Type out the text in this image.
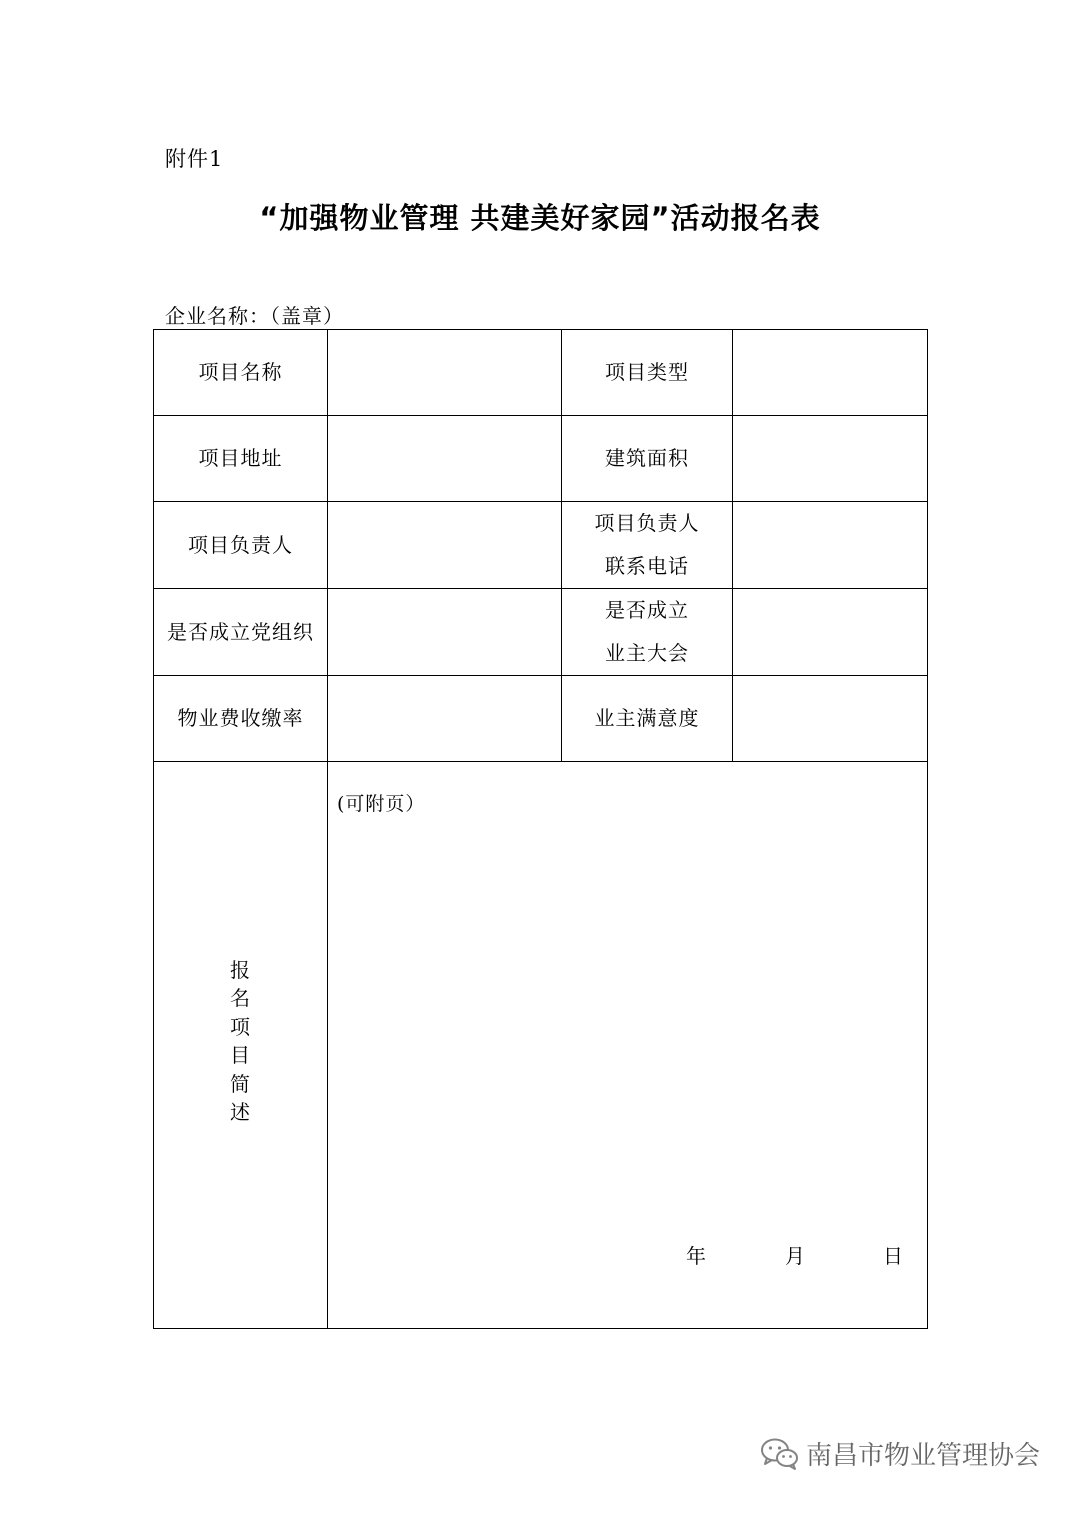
附件1
“加强物业管理 共建美好家园”活动报名表
企业名称：（盖章）
项目名称		项目类型	

项目地址		建筑面积	

项目负责人		项目负责人
联系电话	

是否成立党组织		是否成立
业主大会	

物业费收缴率		业主满意度	

报名项目简述	(可附页）
年 月 日		
南昌市物业管理协会
